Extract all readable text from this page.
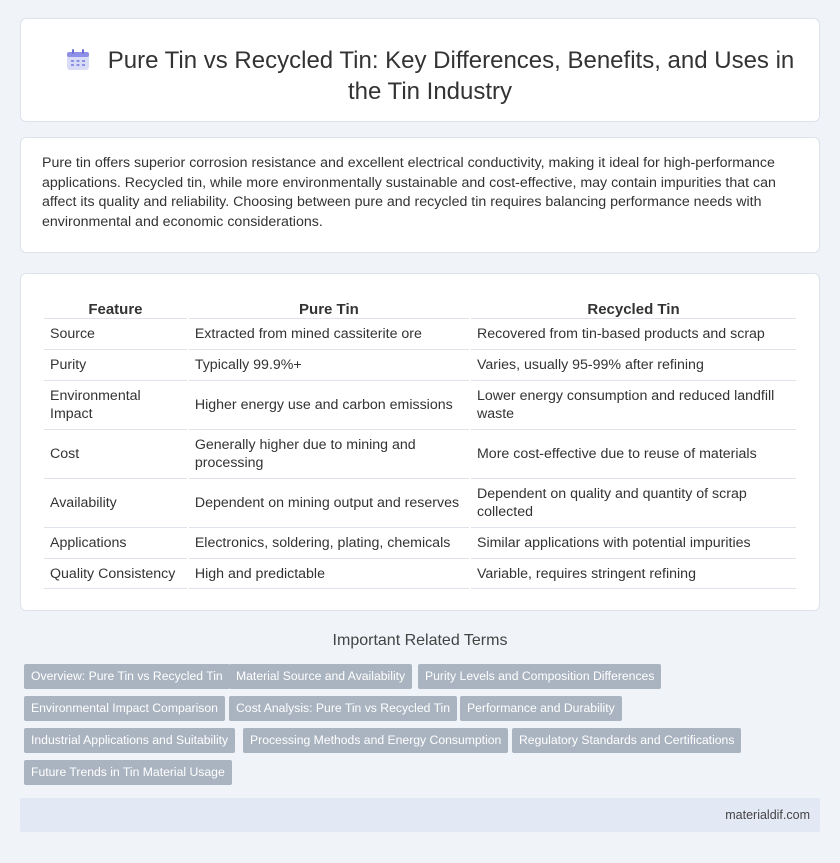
Pure Tin vs Recycled Tin: Key Differences, Benefits, and Uses in the Tin Industry

Pure tin offers superior corrosion resistance and excellent electrical conductivity, making it ideal for high-performance applications. Recycled tin, while more environmentally sustainable and cost-effective, may contain impurities that can affect its quality and reliability. Choosing between pure and recycled tin requires balancing performance needs with environmental and economic considerations.

Feature	Pure Tin	Recycled Tin
Source	Extracted from mined cassiterite ore	Recovered from tin-based products and scrap
Purity	Typically 99.9%+	Varies, usually 95-99% after refining
Environmental Impact	Higher energy use and carbon emissions	Lower energy consumption and reduced landfill waste
Cost	Generally higher due to mining and processing	More cost-effective due to reuse of materials
Availability	Dependent on mining output and reserves	Dependent on quality and quantity of scrap collected
Applications	Electronics, soldering, plating, chemicals	Similar applications with potential impurities
Quality Consistency	High and predictable	Variable, requires stringent refining
Important Related Terms
Overview: Pure Tin vs Recycled Tin	Material Source and Availability	Purity Levels and Composition Differences
Environmental Impact Comparison	Cost Analysis: Pure Tin vs Recycled Tin	Performance and Durability
Industrial Applications and Suitability	Processing Methods and Energy Consumption	Regulatory Standards and Certifications
Future Trends in Tin Material Usage
materialdif.com
